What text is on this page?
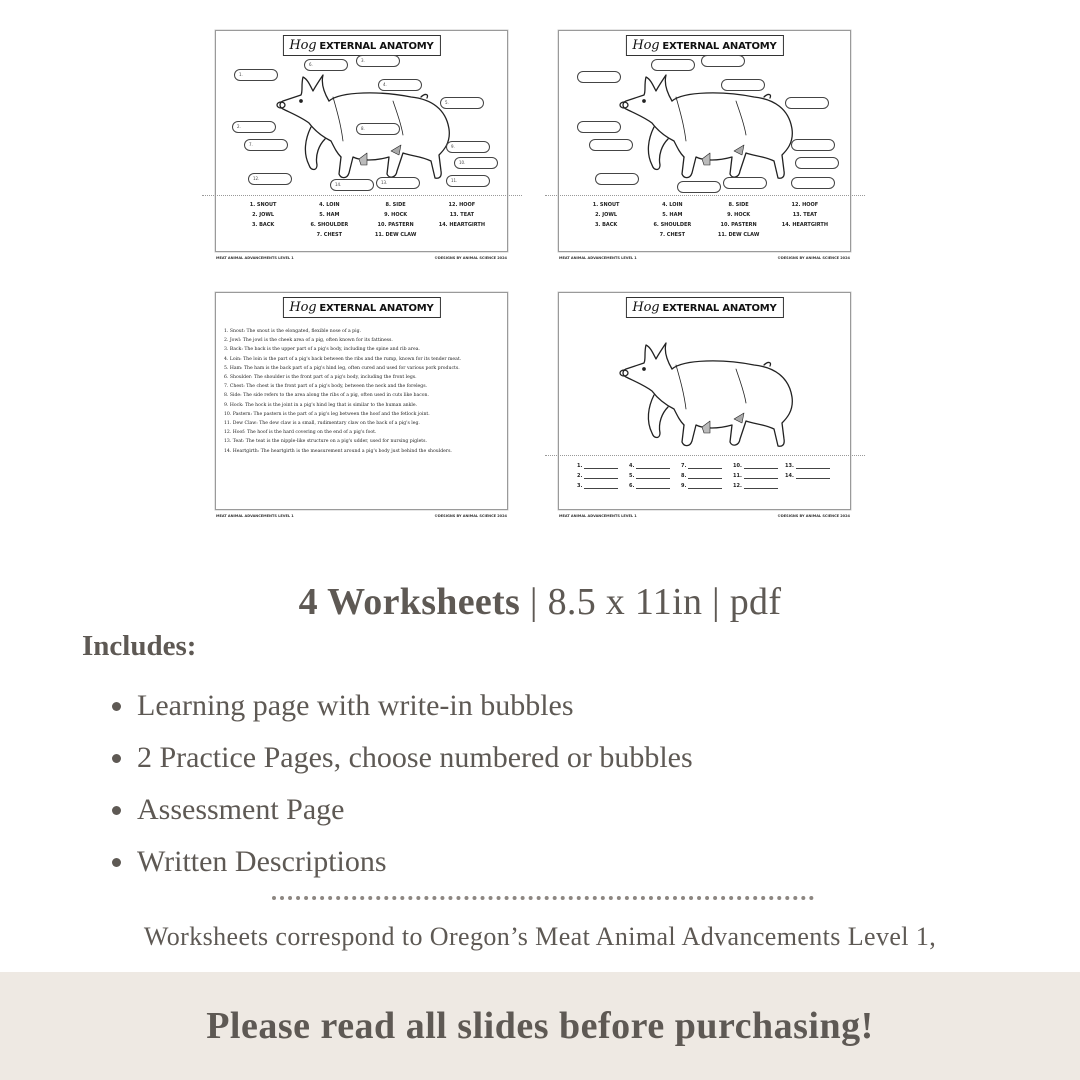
Hog EXTERNAL ANATOMY
1.
6.
3.
4.
5.
2.	8.
7.	9.
10.
12.
14.	13.	11.
1. SNOUT	4. LOIN	8. SIDE	12. HOOF
2. JOWL	5. HAM	9. HOCK	13. TEAT
3. BACK	6. SHOULDER	10. PASTERN	14. HEARTGIRTH
7. CHEST	11. DEW CLAW
MEAT ANIMAL ADVANCEMENTS LEVEL 1	©DESIGNS BY ANIMAL SCIENCE 2024
Hog EXTERNAL ANATOMY
1. SNOUT	4. LOIN	8. SIDE	12. HOOF
2. JOWL	5. HAM	9. HOCK	13. TEAT
3. BACK	6. SHOULDER	10. PASTERN	14. HEARTGIRTH
7. CHEST	11. DEW CLAW
MEAT ANIMAL ADVANCEMENTS LEVEL 1	©DESIGNS BY ANIMAL SCIENCE 2024
Hog EXTERNAL ANATOMY
1. Snout: The snout is the elongated, flexible nose of a pig.
2. Jowl: The jowl is the cheek area of a pig, often known for its fattiness.
3. Back: The back is the upper part of a pig's body, including the spine and rib area.
4. Loin: The loin is the part of a pig's back between the ribs and the rump, known for its tender meat.
5. Ham: The ham is the back part of a pig's hind leg, often cured and used for various pork products.
6. Shoulder: The shoulder is the front part of a pig's body, including the front legs.
7. Chest: The chest is the front part of a pig's body, between the neck and the forelegs.
8. Side: The side refers to the area along the ribs of a pig, often used in cuts like bacon.
9. Hock: The hock is the joint in a pig's hind leg that is similar to the human ankle.
10. Pastern: The pastern is the part of a pig's leg between the hoof and the fetlock joint.
11. Dew Claw: The dew claw is a small, rudimentary claw on the back of a pig's leg.
12. Hoof: The hoof is the hard covering on the end of a pig's foot.
13. Teat: The teat is the nipple-like structure on a pig's udder, used for nursing piglets.
14. Heartgirth: The heartgirth is the measurement around a pig's body just behind the shoulders.
MEAT ANIMAL ADVANCEMENTS LEVEL 1	©DESIGNS BY ANIMAL SCIENCE 2024
Hog EXTERNAL ANATOMY
1.	4.	7.	10.	13.
2.	5.	8.	11.	14.
3.	6.	9.	12.
MEAT ANIMAL ADVANCEMENTS LEVEL 1	©DESIGNS BY ANIMAL SCIENCE 2024
4 Worksheets | 8.5 x 11in | pdf
Includes:
Learning page with write-in bubbles
2 Practice Pages, choose numbered or bubbles
Assessment Page
Written Descriptions
Worksheets correspond to Oregon’s Meat Animal Advancements Level 1,
Please read all slides before purchasing!
